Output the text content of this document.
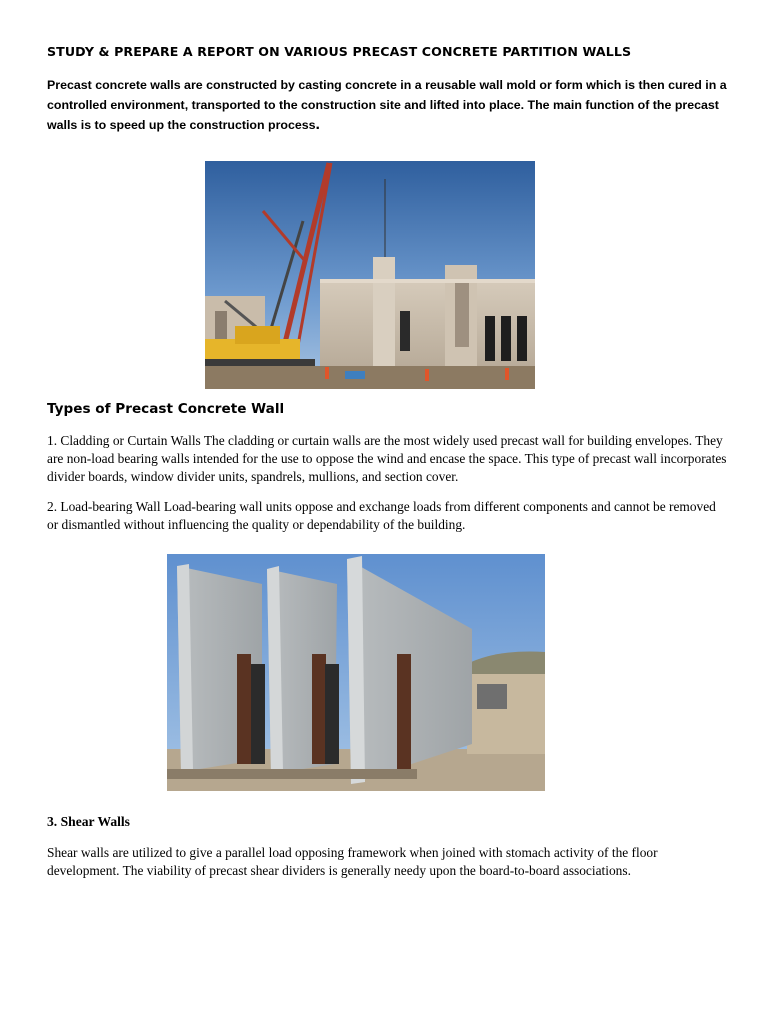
STUDY & PREPARE A REPORT ON VARIOUS PRECAST CONCRETE PARTITION WALLS
Precast concrete walls are constructed by casting concrete in a reusable wall mold or form which is then cured in a controlled environment, transported to the construction site and lifted into place. The main function of the precast walls is to speed up the construction process.
Types of Precast Concrete Wall

1. Cladding or Curtain Walls The cladding or curtain walls are the most widely used precast wall for building envelopes. They are non-load bearing walls intended for the use to oppose the wind and encase the space. This type of precast wall incorporates divider boards, window divider units, spandrels, mullions, and section cover.

2. Load-bearing Wall Load-bearing wall units oppose and exchange loads from different components and cannot be removed or dismantled without influencing the quality or dependability of the building.

3. Shear Walls

Shear walls are utilized to give a parallel load opposing framework when joined with stomach activity of the floor development. The viability of precast shear dividers is generally needy upon the board-to-board associations.
